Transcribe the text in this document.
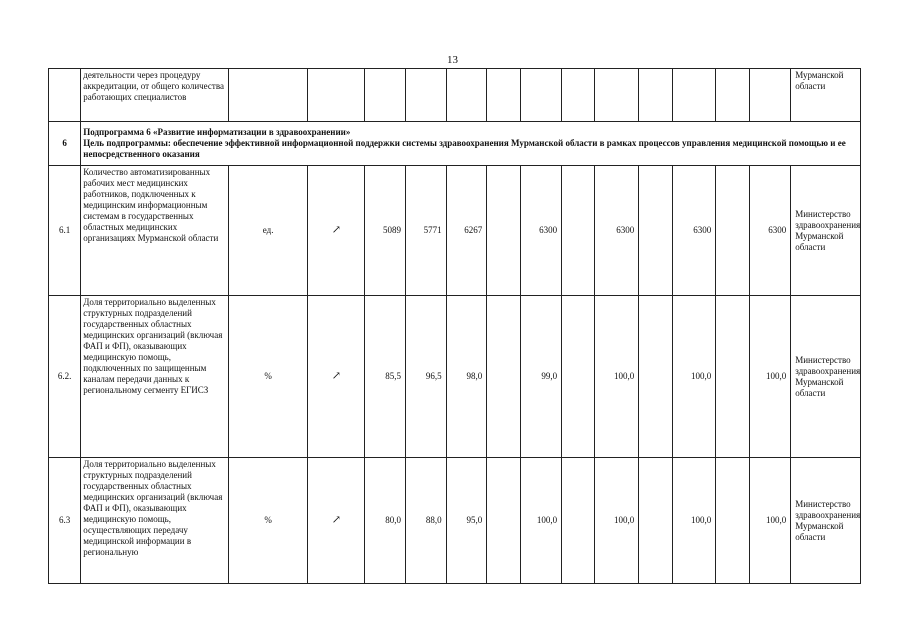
13
	деятельности через процедуру аккредитации, от общего количества работающих специалистов														Мурманской области
6	Подпрограмма 6 «Развитие информатизации в здравоохранении»
Цель подпрограммы: обеспечение эффективной информационной поддержки системы здравоохранения Мурманской области в рамках процессов управления медицинской помощью и ее непосредственного оказания														

6.1	Количество автоматизированных рабочих мест медицинских работников, подключенных к медицинским информационным системам в государственных областных медицинских организациях Мурманской области	ед.	↗	5089	5771	6267		6300		6300		6300		6300	Министерство здравоохранения Мурманской области
6.2.	Доля территориально выделенных структурных подразделений государственных областных медицинских организаций (включая ФАП и ФП), оказывающих медицинскую помощь, подключенных по защищенным каналам передачи данных к региональному сегменту ЕГИСЗ	%	↗	85,5	96,5	98,0		99,0		100,0		100,0		100,0	Министерство здравоохранения Мурманской области
6.3	Доля территориально выделенных структурных подразделений государственных областных медицинских организаций (включая ФАП и ФП), оказывающих медицинскую помощь, осуществляющих передачу медицинской информации в региональную	%	↗	80,0	88,0	95,0		100,0		100,0		100,0		100,0	Министерство здравоохранения Мурманской области
